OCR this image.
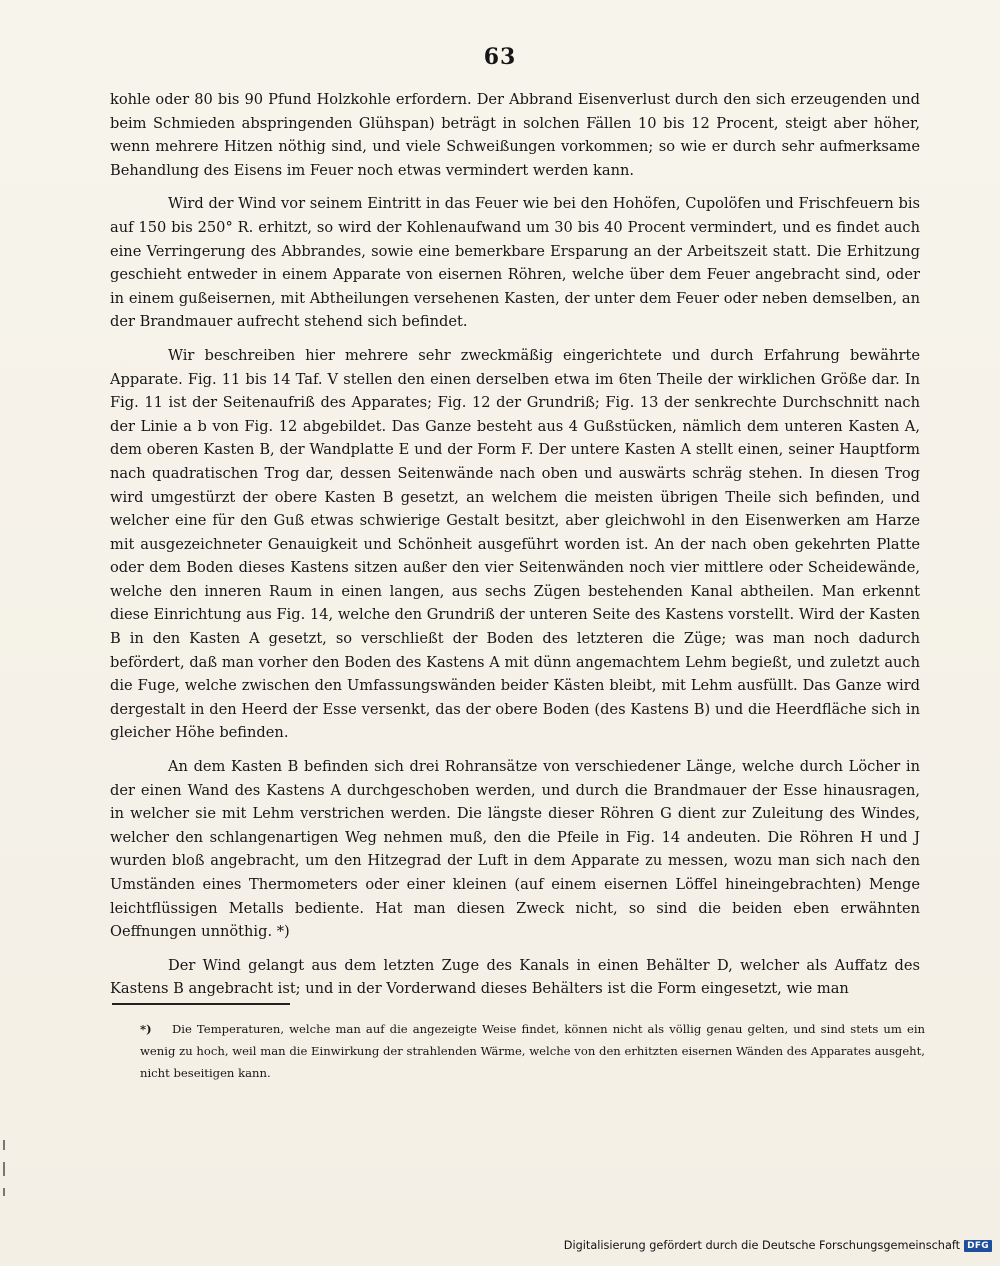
63

kohle oder 80 bis 90 Pfund Holzkohle erfordern. Der Abbrand Eisenverlust durch den sich erzeugenden und beim Schmieden abspringenden Glühspan) beträgt in solchen Fällen 10 bis 12 Procent, steigt aber höher, wenn mehrere Hitzen nöthig sind, und viele Schweißungen vorkommen; so wie er durch sehr aufmerksame Behandlung des Eisens im Feuer noch etwas vermindert werden kann.

Wird der Wind vor seinem Eintritt in das Feuer wie bei den Hohöfen, Cupolöfen und Frischfeuern bis auf 150 bis 250° R. erhitzt, so wird der Kohlenaufwand um 30 bis 40 Procent vermindert, und es findet auch eine Verringerung des Abbrandes, sowie eine bemerkbare Ersparung an der Arbeitszeit statt. Die Erhitzung geschieht entweder in einem Apparate von eisernen Röhren, welche über dem Feuer angebracht sind, oder in einem gußeisernen, mit Abtheilungen versehenen Kasten, der unter dem Feuer oder neben demselben, an der Brandmauer aufrecht stehend sich befindet.

Wir beschreiben hier mehrere sehr zweckmäßig eingerichtete und durch Erfahrung bewährte Apparate. Fig. 11 bis 14 Taf. V stellen den einen derselben etwa im 6ten Theile der wirklichen Größe dar. In Fig. 11 ist der Seitenaufriß des Apparates; Fig. 12 der Grundriß; Fig. 13 der senkrechte Durchschnitt nach der Linie a b von Fig. 12 abgebildet. Das Ganze besteht aus 4 Gußstücken, nämlich dem unteren Kasten A, dem oberen Kasten B, der Wandplatte E und der Form F. Der untere Kasten A stellt einen, seiner Hauptform nach quadratischen Trog dar, dessen Seitenwände nach oben und auswärts schräg stehen. In diesen Trog wird umgestürzt der obere Kasten B gesetzt, an welchem die meisten übrigen Theile sich befinden, und welcher eine für den Guß etwas schwierige Gestalt besitzt, aber gleichwohl in den Eisenwerken am Harze mit ausgezeichneter Genauigkeit und Schönheit ausgeführt worden ist. An der nach oben gekehrten Platte oder dem Boden dieses Kastens sitzen außer den vier Seitenwänden noch vier mittlere oder Scheidewände, welche den inneren Raum in einen langen, aus sechs Zügen bestehenden Kanal abtheilen. Man erkennt diese Einrichtung aus Fig. 14, welche den Grundriß der unteren Seite des Kastens vorstellt. Wird der Kasten B in den Kasten A gesetzt, so verschließt der Boden des letzteren die Züge; was man noch dadurch befördert, daß man vorher den Boden des Kastens A mit dünn angemachtem Lehm begießt, und zuletzt auch die Fuge, welche zwischen den Umfassungswänden beider Kästen bleibt, mit Lehm ausfüllt. Das Ganze wird dergestalt in den Heerd der Esse versenkt, das der obere Boden (des Kastens B) und die Heerdfläche sich in gleicher Höhe befinden.

An dem Kasten B befinden sich drei Rohransätze von verschiedener Länge, welche durch Löcher in der einen Wand des Kastens A durchgeschoben werden, und durch die Brandmauer der Esse hinausragen, in welcher sie mit Lehm verstrichen werden. Die längste dieser Röhren G dient zur Zuleitung des Windes, welcher den schlangenartigen Weg nehmen muß, den die Pfeile in Fig. 14 andeuten. Die Röhren H und J wurden bloß angebracht, um den Hitzegrad der Luft in dem Apparate zu messen, wozu man sich nach den Umständen eines Thermometers oder einer kleinen (auf einem eisernen Löffel hineingebrachten) Menge leichtflüssigen Metalls bediente. Hat man diesen Zweck nicht, so sind die beiden eben erwähnten Oeffnungen unnöthig. *)

Der Wind gelangt aus dem letzten Zuge des Kanals in einen Behälter D, welcher als Auffatz des Kastens B angebracht ist; und in der Vorderwand dieses Behälters ist die Form eingesetzt, wie man

*) Die Temperaturen, welche man auf die angezeigte Weise findet, können nicht als völlig genau gelten, und sind stets um ein wenig zu hoch, weil man die Einwirkung der strahlenden Wärme, welche von den erhitzten eisernen Wänden des Apparates ausgeht, nicht beseitigen kann.
Digitalisierung gefördert durch die Deutsche Forschungsgemeinschaft DFG
